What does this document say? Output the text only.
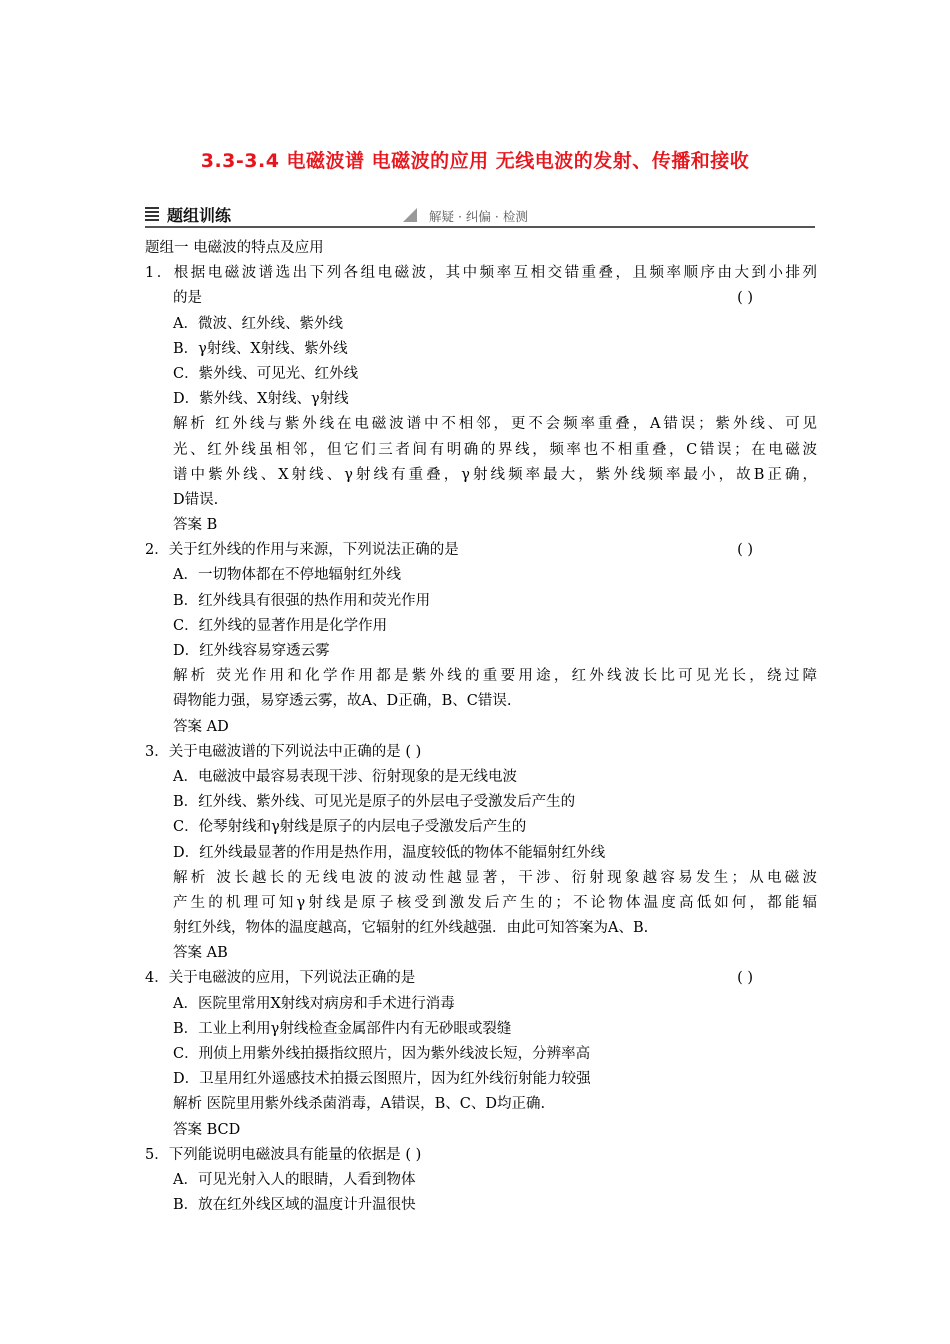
3.3-3.4 电磁波谱 电磁波的应用 无线电波的发射、传播和接收
题组训练	解疑 · 纠偏 · 检测
题组一 电磁波的特点及应用
1．根据电磁波谱选出下列各组电磁波，其中频率互相交错重叠，且频率顺序由大到小排列
的是	( )
A．微波、红外线、紫外线
B．γ射线、X射线、紫外线
C．紫外线、可见光、红外线
D．紫外线、X射线、γ射线
解析 红外线与紫外线在电磁波谱中不相邻，更不会频率重叠，A错误；紫外线、可见
光、红外线虽相邻，但它们三者间有明确的界线，频率也不相重叠，C错误；在电磁波
谱中紫外线、X射线、γ射线有重叠，γ射线频率最大，紫外线频率最小，故B正确，
D错误.
答案 B
2．关于红外线的作用与来源，下列说法正确的是	( )
A．一切物体都在不停地辐射红外线
B．红外线具有很强的热作用和荧光作用
C．红外线的显著作用是化学作用
D．红外线容易穿透云雾
解析 荧光作用和化学作用都是紫外线的重要用途，红外线波长比可见光长，绕过障
碍物能力强，易穿透云雾，故A、D正确，B、C错误.
答案 AD
3．关于电磁波谱的下列说法中正确的是 ( )
A．电磁波中最容易表现干涉、衍射现象的是无线电波
B．红外线、紫外线、可见光是原子的外层电子受激发后产生的
C．伦琴射线和γ射线是原子的内层电子受激发后产生的
D．红外线最显著的作用是热作用，温度较低的物体不能辐射红外线
解析 波长越长的无线电波的波动性越显著，干涉、衍射现象越容易发生；从电磁波
产生的机理可知γ射线是原子核受到激发后产生的；不论物体温度高低如何，都能辐
射红外线，物体的温度越高，它辐射的红外线越强．由此可知答案为A、B.
答案 AB
4．关于电磁波的应用，下列说法正确的是	( )
A．医院里常用X射线对病房和手术进行消毒
B．工业上利用γ射线检查金属部件内有无砂眼或裂缝
C．刑侦上用紫外线拍摄指纹照片，因为紫外线波长短，分辨率高
D．卫星用红外遥感技术拍摄云图照片，因为红外线衍射能力较强
解析 医院里用紫外线杀菌消毒，A错误，B、C、D均正确.
答案 BCD
5．下列能说明电磁波具有能量的依据是 ( )
A．可见光射入人的眼睛，人看到物体
B．放在红外线区域的温度计升温很快
